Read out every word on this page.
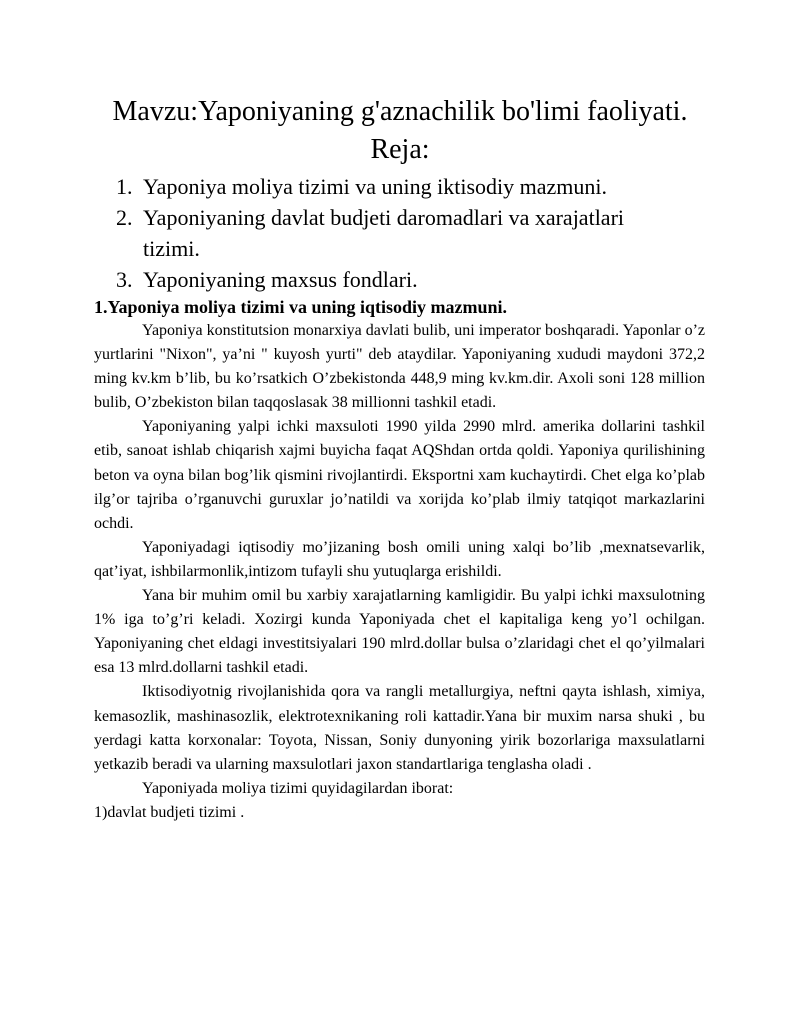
Mavzu:Yaponiyaning g'aznachilik bo'limi faoliyati.
Reja:
1. Yaponiya moliya tizimi va uning iktisodiy mazmuni.
2. Yaponiyaning davlat budjeti daromadlari va xarajatlari tizimi.
3. Yaponiyaning maxsus fondlari.
1.Yaponiya moliya tizimi va uning iqtisodiy mazmuni.

Yaponiya konstitutsion monarxiya davlati bulib, uni imperator boshqaradi. Yaponlar o’z yurtlarini "Nixon", ya’ni " kuyosh yurti" deb ataydilar. Yaponiyaning xududi maydoni 372,2 ming kv.km b’lib, bu ko’rsatkich O’zbekistonda 448,9 ming kv.km.dir. Axoli soni 128 million bulib, O’zbekiston bilan taqqoslasak 38 millionni tashkil etadi.

Yaponiyaning yalpi ichki maxsuloti 1990 yilda 2990 mlrd. amerika dollarini tashkil etib, sanoat ishlab chiqarish xajmi buyicha faqat AQShdan ortda qoldi. Yaponiya qurilishining beton va oyna bilan bog’lik qismini rivojlantirdi. Eksportni xam kuchaytirdi. Chet elga ko’plab ilg’or tajriba o’rganuvchi guruxlar jo’natildi va xorijda ko’plab ilmiy tatqiqot markazlarini ochdi.

Yaponiyadagi iqtisodiy mo’jizaning bosh omili uning xalqi bo’lib ,mexnatsevarlik, qat’iyat, ishbilarmonlik,intizom tufayli shu yutuqlarga erishildi.

Yana bir muhim omil bu xarbiy xarajatlarning kamligidir. Bu yalpi ichki maxsulotning 1% iga to’g’ri keladi. Xozirgi kunda Yaponiyada chet el kapitaliga keng yo’l ochilgan. Yaponiyaning chet eldagi investitsiyalari 190 mlrd.dollar bulsa o’zlaridagi chet el qo’yilmalari esa 13 mlrd.dollarni tashkil etadi.

Iktisodiyotnig rivojlanishida qora va rangli metallurgiya, neftni qayta ishlash, ximiya, kemasozlik, mashinasozlik, elektrotexnikaning roli kattadir.Yana bir muxim narsa shuki , bu yerdagi katta korxonalar: Toyota, Nissan, Soniy dunyoning yirik bozorlariga maxsulatlarni yetkazib beradi va ularning maxsulotlari jaxon standartlariga tenglasha oladi .

Yaponiyada moliya tizimi quyidagilardan iborat:

1)davlat budjeti tizimi .
